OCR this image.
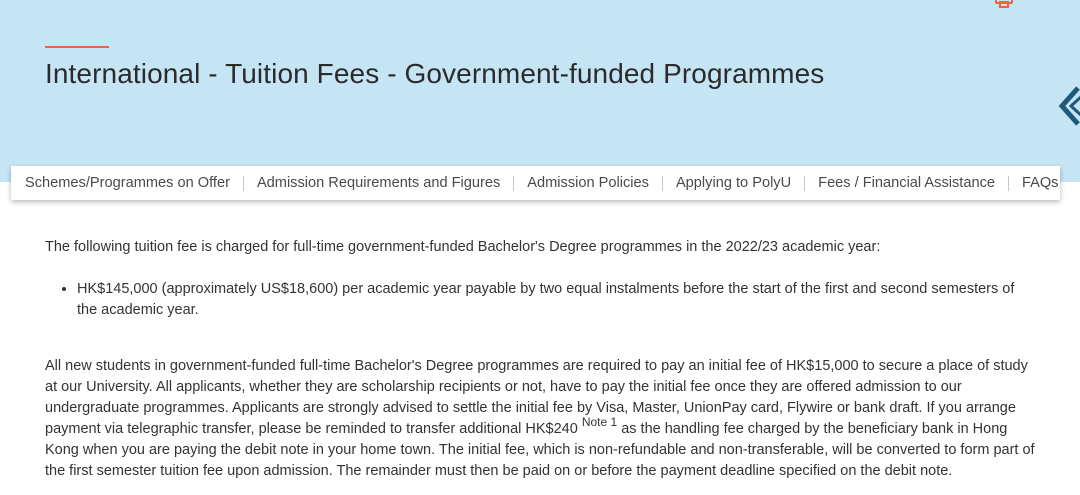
International - Tuition Fees - Government-funded Programmes
Schemes/Programmes on Offer Admission Requirements and Figures Admission Policies Applying to PolyU Fees / Financial Assistance FAQs

The following tuition fee is charged for full-time government-funded Bachelor's Degree programmes in the 2022/23 academic year:

• HK$145,000 (approximately US$18,600) per academic year payable by two equal instalments before the start of the first and second semesters of the academic year.

All new students in government-funded full-time Bachelor's Degree programmes are required to pay an initial fee of HK$15,000 to secure a place of study at our University. All applicants, whether they are scholarship recipients or not, have to pay the initial fee once they are offered admission to our undergraduate programmes. Applicants are strongly advised to settle the initial fee by Visa, Master, UnionPay card, Flywire or bank draft. If you arrange payment via telegraphic transfer, please be reminded to transfer additional HK$240 $^{Note 1}$ as the handling fee charged by the beneficiary bank in Hong Kong when you are paying the debit note in your home town. The initial fee, which is non-refundable and non-transferable, will be converted to form part of the first semester tuition fee upon admission. The remainder must then be paid on or before the payment deadline specified on the debit note.
